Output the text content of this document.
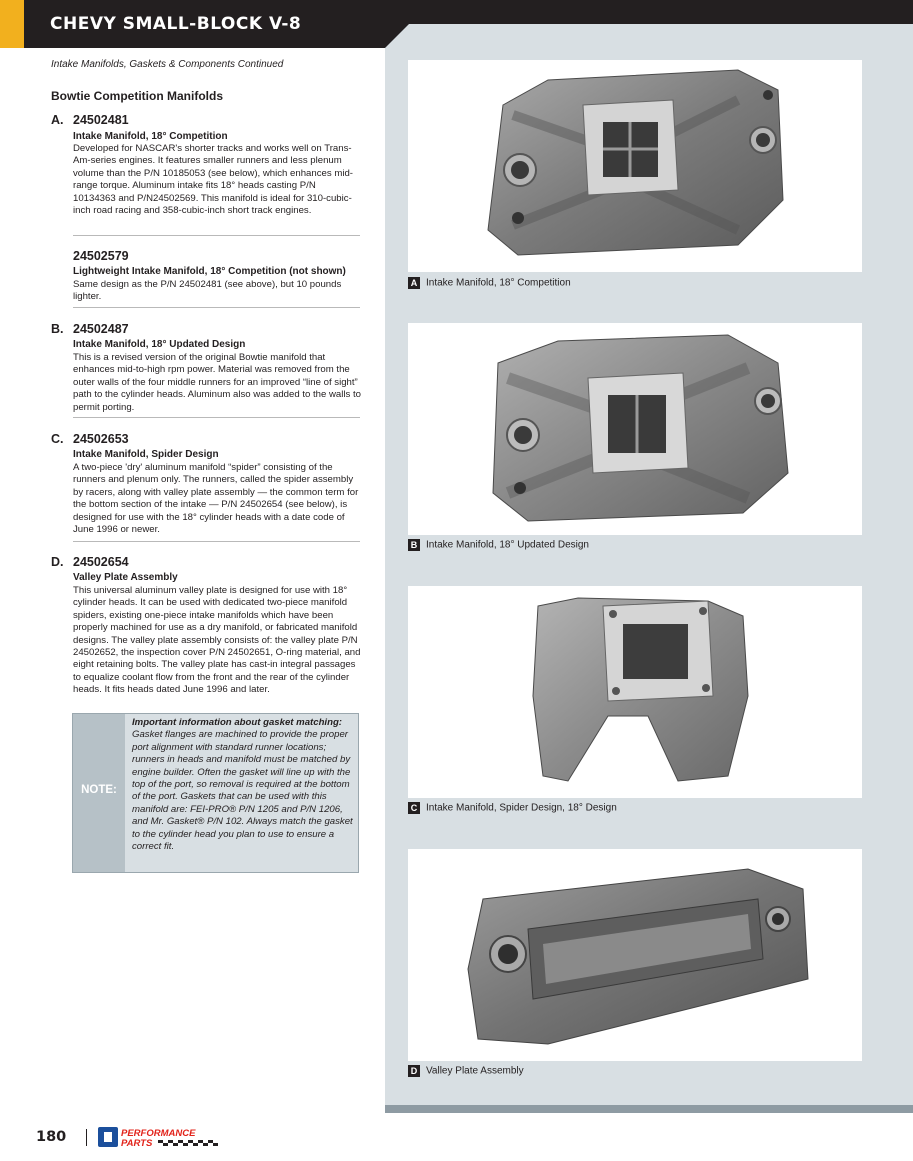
CHEVY SMALL-BLOCK V-8
Intake Manifolds, Gaskets & Components Continued
Bowtie Competition Manifolds
A. 24502481
Intake Manifold, 18° Competition
Developed for NASCAR's shorter tracks and works well on Trans-Am-series engines. It features smaller runners and less plenum volume than the P/N 10185053 (see below), which enhances mid-range torque. Aluminum intake fits 18° heads casting P/N 10134363 and P/N24502569. This manifold is ideal for 310-cubic-inch road racing and 358-cubic-inch short track engines.
24502579
Lightweight Intake Manifold, 18° Competition (not shown)
Same design as the P/N 24502481 (see above), but 10 pounds lighter.
B. 24502487
Intake Manifold, 18° Updated Design
This is a revised version of the original Bowtie manifold that enhances mid-to-high rpm power. Material was removed from the outer walls of the four middle runners for an improved “line of sight” path to the cylinder heads. Aluminum also was added to the walls to permit porting.
C. 24502653
Intake Manifold, Spider Design
A two-piece 'dry' aluminum manifold “spider” consisting of the runners and plenum only. The runners, called the spider assembly by racers, along with valley plate assembly — the common term for the bottom section of the intake — P/N 24502654 (see below), is designed for use with the 18° cylinder heads with a date code of June 1996 or newer.
D. 24502654
Valley Plate Assembly
This universal aluminum valley plate is designed for use with 18° cylinder heads. It can be used with dedicated two-piece manifold spiders, existing one-piece intake manifolds which have been properly machined for use as a dry manifold, or fabricated manifold designs. The valley plate assembly consists of: the valley plate P/N 24502652, the inspection cover P/N 24502651, O-ring material, and eight retaining bolts. The valley plate has cast-in integral passages to equalize coolant flow from the front and the rear of the cylinder heads. It fits heads dated June 1996 and later.
NOTE:
Important information about gasket matching: Gasket flanges are machined to provide the proper port alignment with standard runner locations; runners in heads and manifold must be matched by engine builder. Often the gasket will line up with the top of the port, so removal is required at the bottom of the port. Gaskets that can be used with this manifold are: FEI-PRO® P/N 1205 and P/N 1206, and Mr. Gasket® P/N 102. Always match the gasket to the cylinder head you plan to use to ensure a correct fit.
A Intake Manifold, 18° Competition
B Intake Manifold, 18° Updated Design
C Intake Manifold, Spider Design, 18° Design
D Valley Plate Assembly
180	PERFORMANCE
PARTS
